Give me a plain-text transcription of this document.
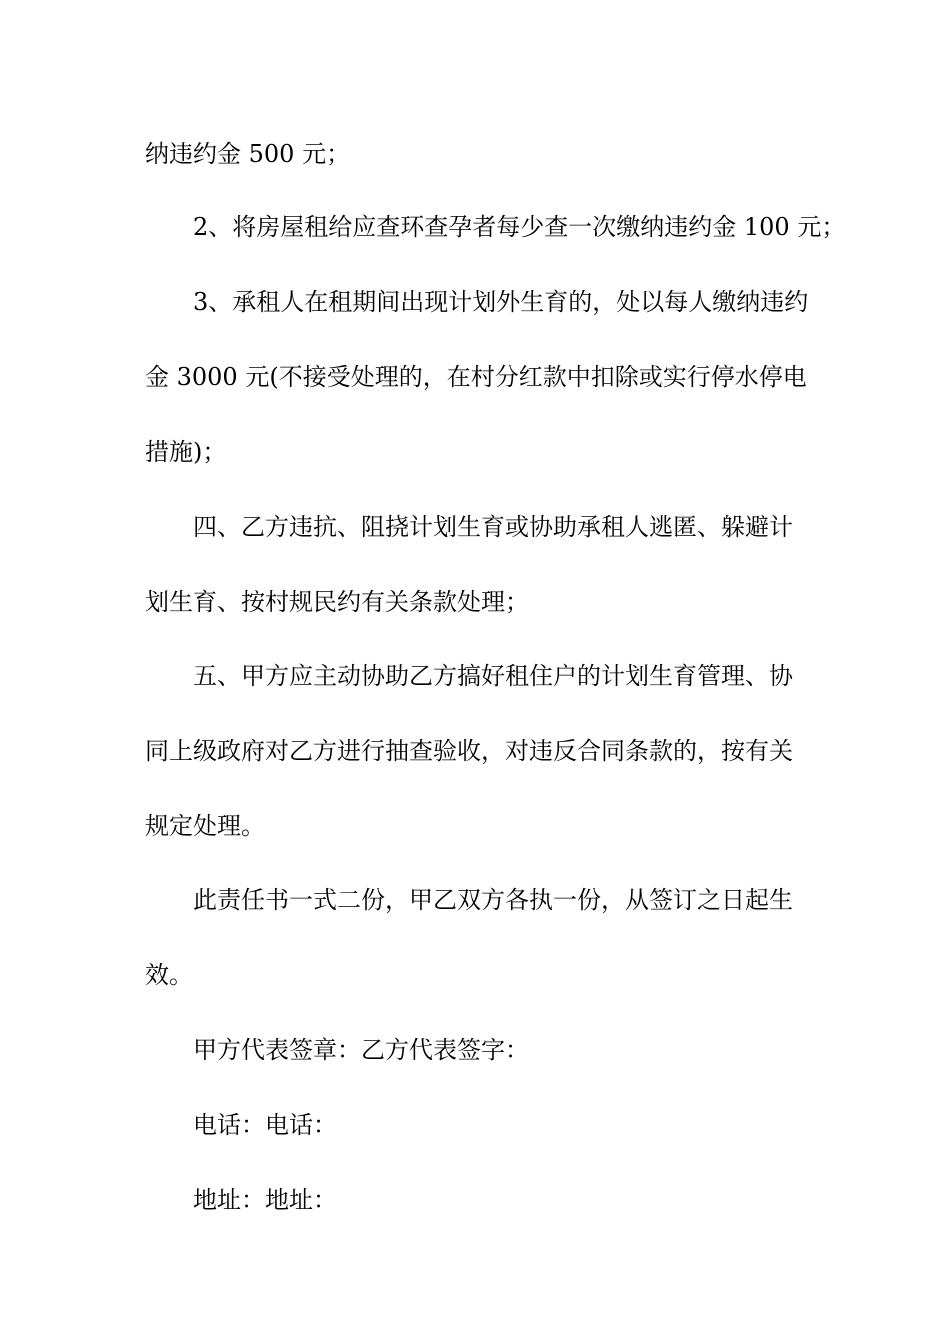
纳违约金 500 元；
2、将房屋租给应查环查孕者每少查一次缴纳违约金 100 元；
3、承租人在租期间出现计划外生育的，处以每人缴纳违约
金 3000 元(不接受处理的，在村分红款中扣除或实行停水停电
措施)；
四、乙方违抗、阻挠计划生育或协助承租人逃匿、躲避计
划生育、按村规民约有关条款处理；
五、甲方应主动协助乙方搞好租住户的计划生育管理、协
同上级政府对乙方进行抽查验收，对违反合同条款的，按有关
规定处理。
此责任书一式二份，甲乙双方各执一份，从签订之日起生
效。
甲方代表签章：乙方代表签字：
电话：电话：
地址：地址：
